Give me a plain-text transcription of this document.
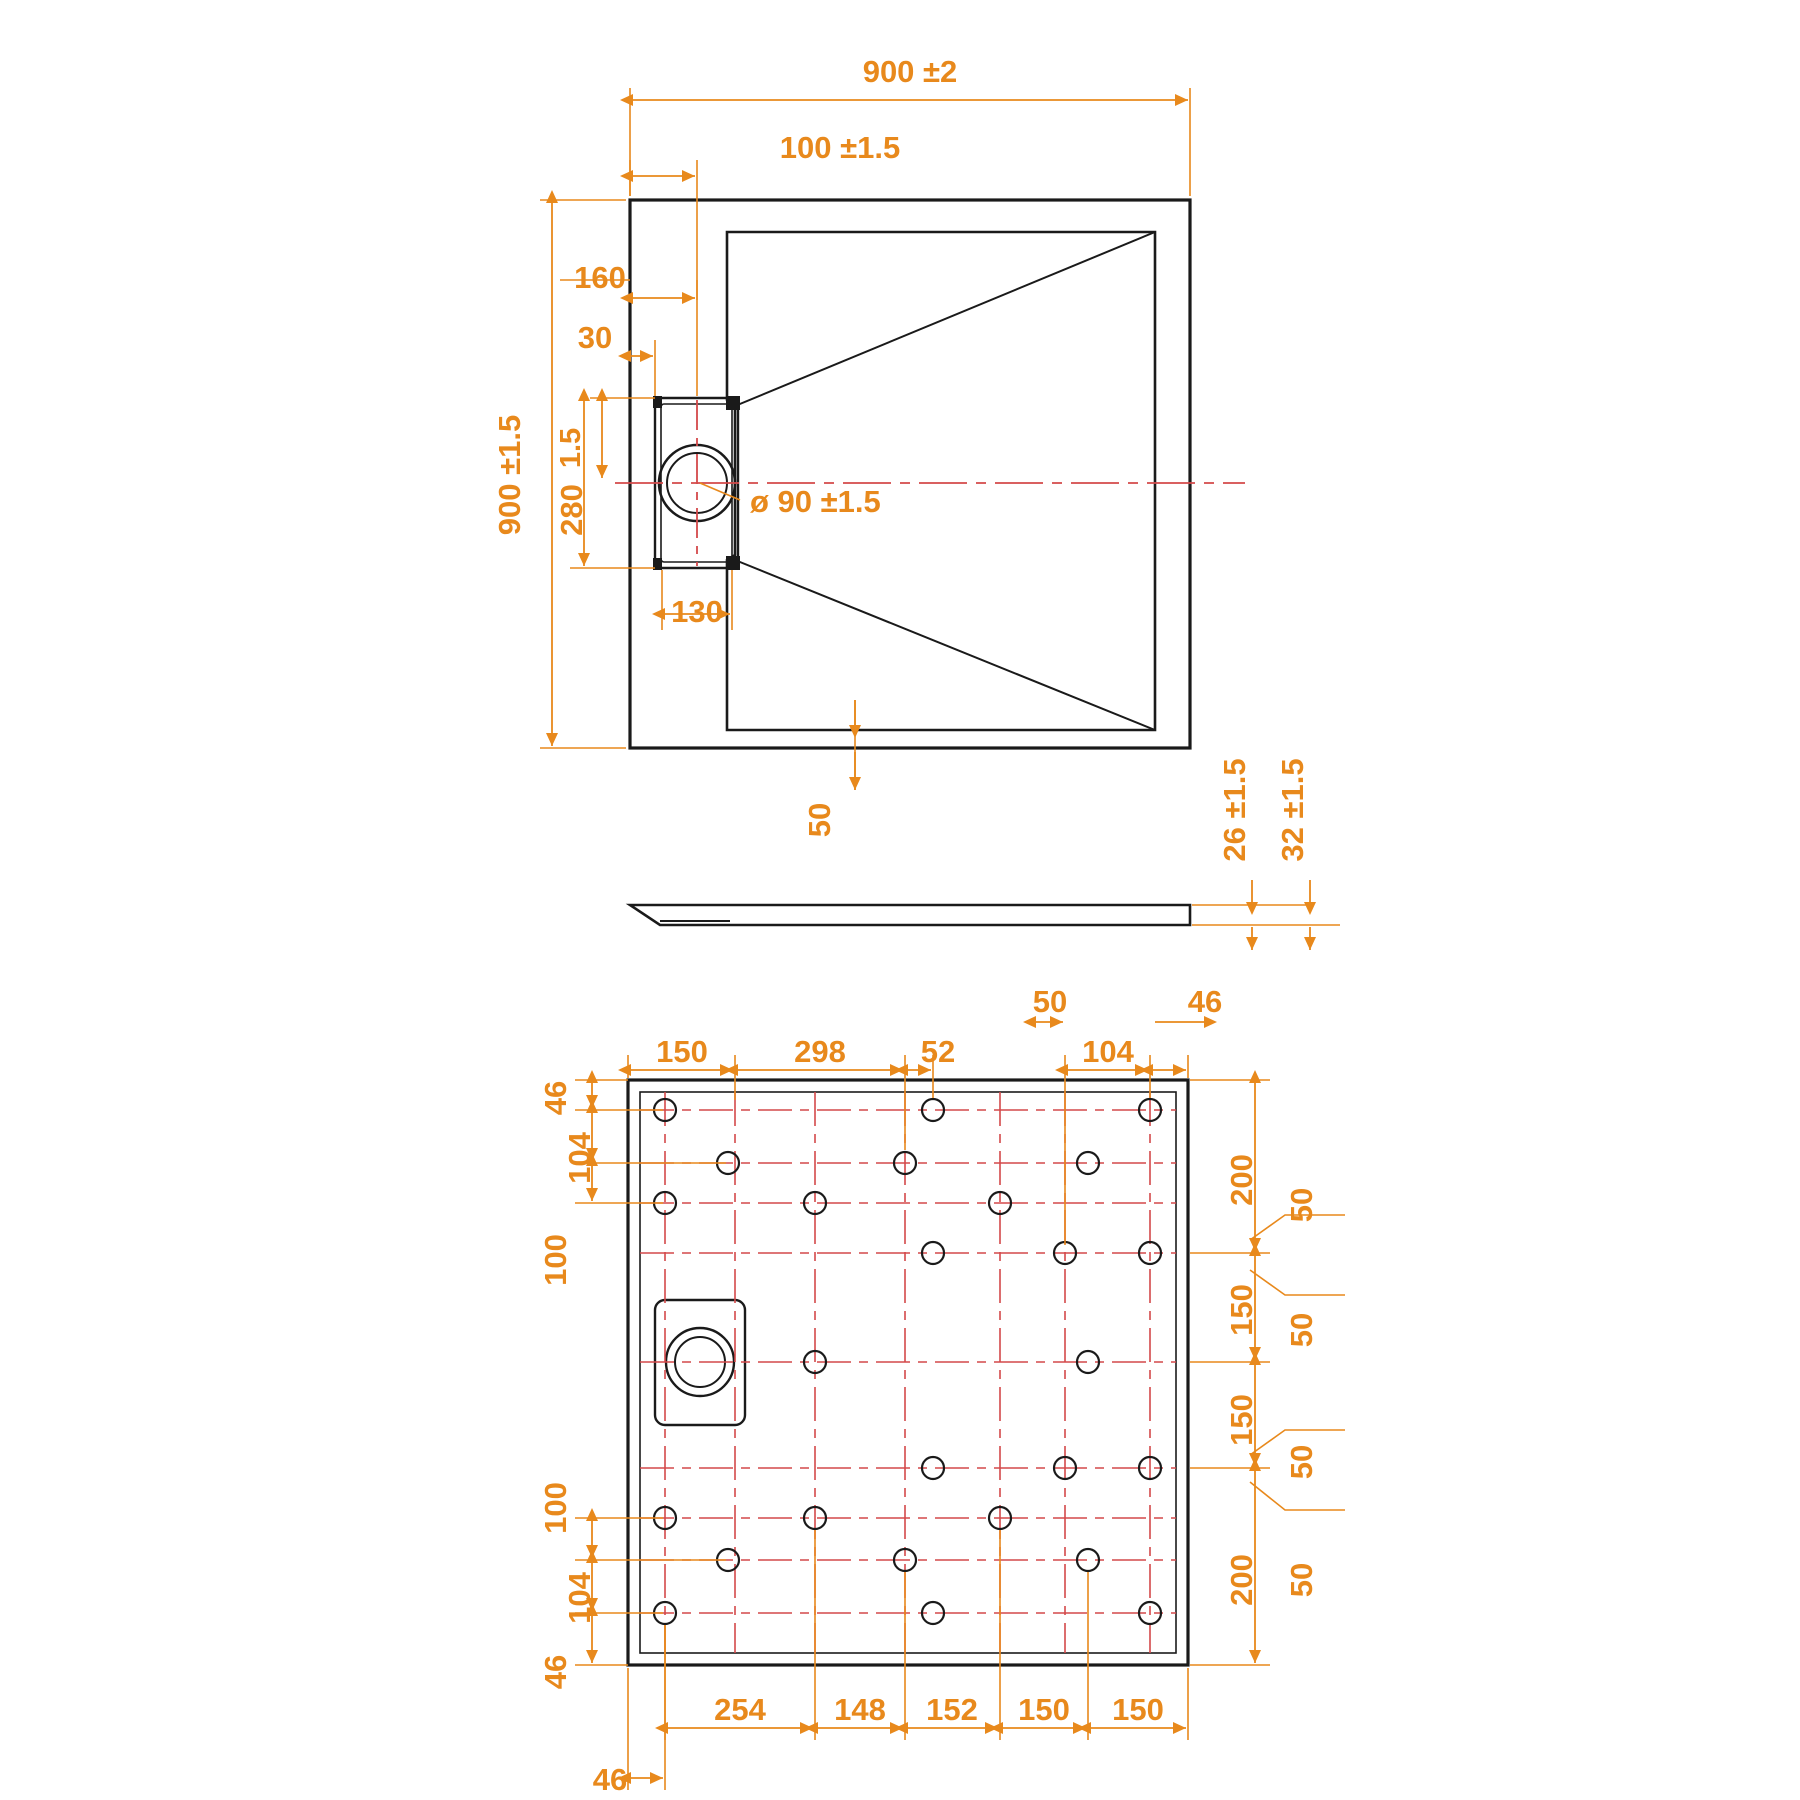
900 ±2
100 ±1.5
160
30
900 ±1.5 1.5
280
130
ø 90 ±1.5
50	26 ±1.5 32 ±1.5
150	298 52
50
104
46
46
104
100
100
104
46
200
150
150
200
50
50
50
50
254 148 152 150 150
46
